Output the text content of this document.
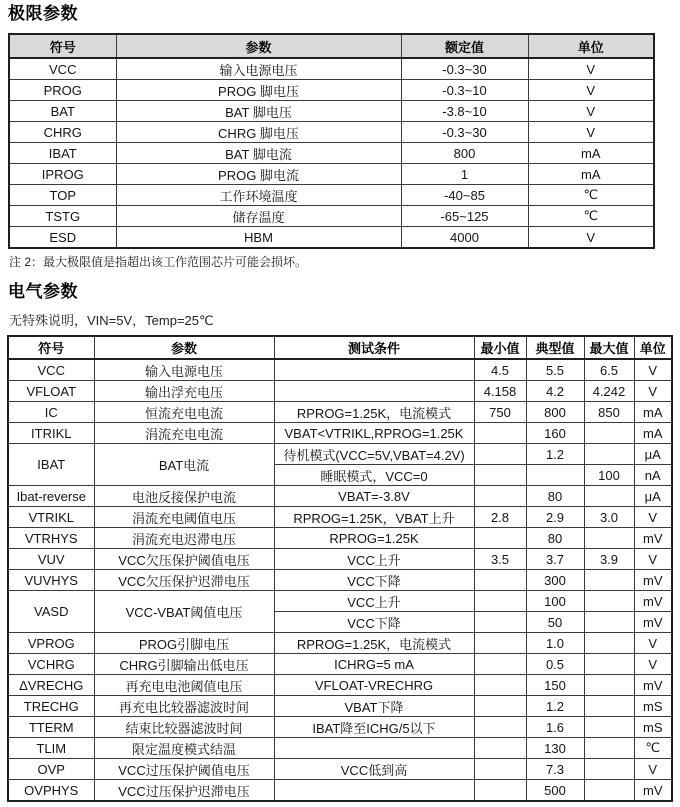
极限参数
符号	参数	额定值	单位
VCC	输入电源电压	-0.3~30	V
PROG	PROG 脚电压	-0.3~10	V
BAT	BAT 脚电压	-3.8~10	V
CHRG	CHRG 脚电压	-0.3~30	V
IBAT	BAT 脚电流	800	mA
IPROG	PROG 脚电流	1	mA
TOP	工作环境温度	-40~85	℃
TSTG	储存温度	-65~125	℃
ESD	HBM	4000	V
注 2：最大极限值是指超出该工作范围芯片可能会损坏。
电气参数
无特殊说明，VIN=5V，Temp=25℃
符号	参数	测试条件	最小值	典型值	最大值	单位
VCC	输入电源电压		4.5	5.5	6.5	V
VFLOAT	输出浮充电压		4.158	4.2	4.242	V
IC	恒流充电电流	RPROG=1.25K，电流模式	750	800	850	mA
ITRIKL	涓流充电电流	VBAT<VTRIKL,RPROG=1.25K		160		mA
IBAT	BAT电流	待机模式(VCC=5V,VBAT=4.2V)		1.2		μA
		睡眠模式，VCC=0			100	nA
Ibat-reverse	电池反接保护电流	VBAT=-3.8V		80		μA
VTRIKL	涓流充电阈值电压	RPROG=1.25K，VBAT上升	2.8	2.9	3.0	V
VTRHYS	涓流充电迟滞电压	RPROG=1.25K		80		mV
VUV	VCC欠压保护阈值电压	VCC上升	3.5	3.7	3.9	V
VUVHYS	VCC欠压保护迟滞电压	VCC下降		300		mV
VASD	VCC-VBAT阈值电压	VCC上升		100		mV
		VCC下降		50		mV
VPROG	PROG引脚电压	RPROG=1.25K，电流模式		1.0		V
VCHRG	CHRG引脚输出低电压	ICHRG=5 mA		0.5		V
ΔVRECHG	再充电电池阈值电压	VFLOAT-VRECHRG		150		mV
TRECHG	再充电比较器滤波时间	VBAT下降		1.2		mS
TTERM	结束比较器滤波时间	IBAT降至ICHG/5以下		1.6		mS
TLIM	限定温度模式结温			130		℃
OVP	VCC过压保护阈值电压	VCC低到高		7.3		V
OVPHYS	VCC过压保护迟滞电压			500		mV
